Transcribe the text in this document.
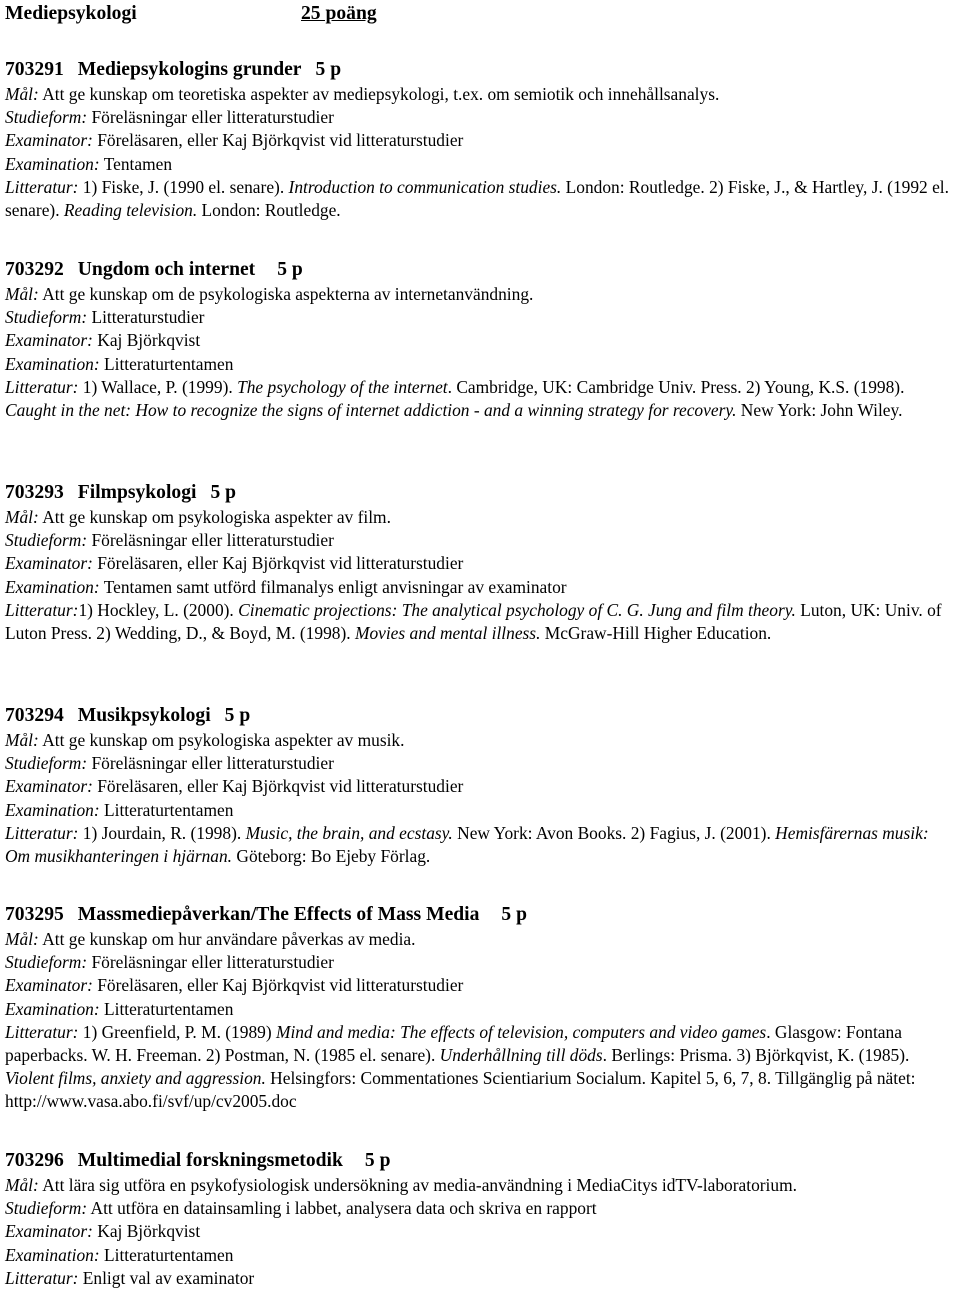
Mediepsykologi	25 poäng
703291 Mediepsykologins grunder 5 p
Mål: Att ge kunskap om teoretiska aspekter av mediepsykologi, t.ex. om semiotik och innehållsanalys.
Studieform: Föreläsningar eller litteraturstudier
Examinator: Föreläsaren, eller Kaj Björkqvist vid litteraturstudier
Examination: Tentamen
Litteratur: 1) Fiske, J. (1990 el. senare). Introduction to communication studies. London: Routledge. 2) Fiske, J., & Hartley, J. (1992 el. senare). Reading television. London: Routledge.
703292 Ungdom och internet 5 p
Mål: Att ge kunskap om de psykologiska aspekterna av internetanvändning.
Studieform: Litteraturstudier
Examinator: Kaj Björkqvist
Examination: Litteraturtentamen
Litteratur: 1) Wallace, P. (1999). The psychology of the internet. Cambridge, UK: Cambridge Univ. Press. 2) Young, K.S. (1998). Caught in the net: How to recognize the signs of internet addiction - and a winning strategy for recovery. New York: John Wiley.
703293 Filmpsykologi 5 p
Mål: Att ge kunskap om psykologiska aspekter av film.
Studieform: Föreläsningar eller litteraturstudier
Examinator: Föreläsaren, eller Kaj Björkqvist vid litteraturstudier
Examination: Tentamen samt utförd filmanalys enligt anvisningar av examinator
Litteratur:1) Hockley, L. (2000). Cinematic projections: The analytical psychology of C. G. Jung and film theory. Luton, UK: Univ. of Luton Press. 2) Wedding, D., & Boyd, M. (1998). Movies and mental illness. McGraw-Hill Higher Education.
703294 Musikpsykologi 5 p
Mål: Att ge kunskap om psykologiska aspekter av musik.
Studieform: Föreläsningar eller litteraturstudier
Examinator: Föreläsaren, eller Kaj Björkqvist vid litteraturstudier
Examination: Litteraturtentamen
Litteratur: 1) Jourdain, R. (1998). Music, the brain, and ecstasy. New York: Avon Books. 2) Fagius, J. (2001). Hemisfärernas musik: Om musikhanteringen i hjärnan. Göteborg: Bo Ejeby Förlag.
703295 Massmediepåverkan/The Effects of Mass Media 5 p
Mål: Att ge kunskap om hur användare påverkas av media.
Studieform: Föreläsningar eller litteraturstudier
Examinator: Föreläsaren, eller Kaj Björkqvist vid litteraturstudier
Examination: Litteraturtentamen
Litteratur: 1) Greenfield, P. M. (1989) Mind and media: The effects of television, computers and video games. Glasgow: Fontana paperbacks. W. H. Freeman. 2) Postman, N. (1985 el. senare). Underhållning till döds. Berlings: Prisma. 3) Björkqvist, K. (1985). Violent films, anxiety and aggression. Helsingfors: Commentationes Scientiarium Socialum. Kapitel 5, 6, 7, 8. Tillgänglig på nätet: http://www.vasa.abo.fi/svf/up/cv2005.doc
703296 Multimedial forskningsmetodik 5 p
Mål: Att lära sig utföra en psykofysiologisk undersökning av media-användning i MediaCitys idTV-laboratorium.
Studieform: Att utföra en datainsamling i labbet, analysera data och skriva en rapport
Examinator: Kaj Björkqvist
Examination: Litteraturtentamen
Litteratur: Enligt val av examinator
